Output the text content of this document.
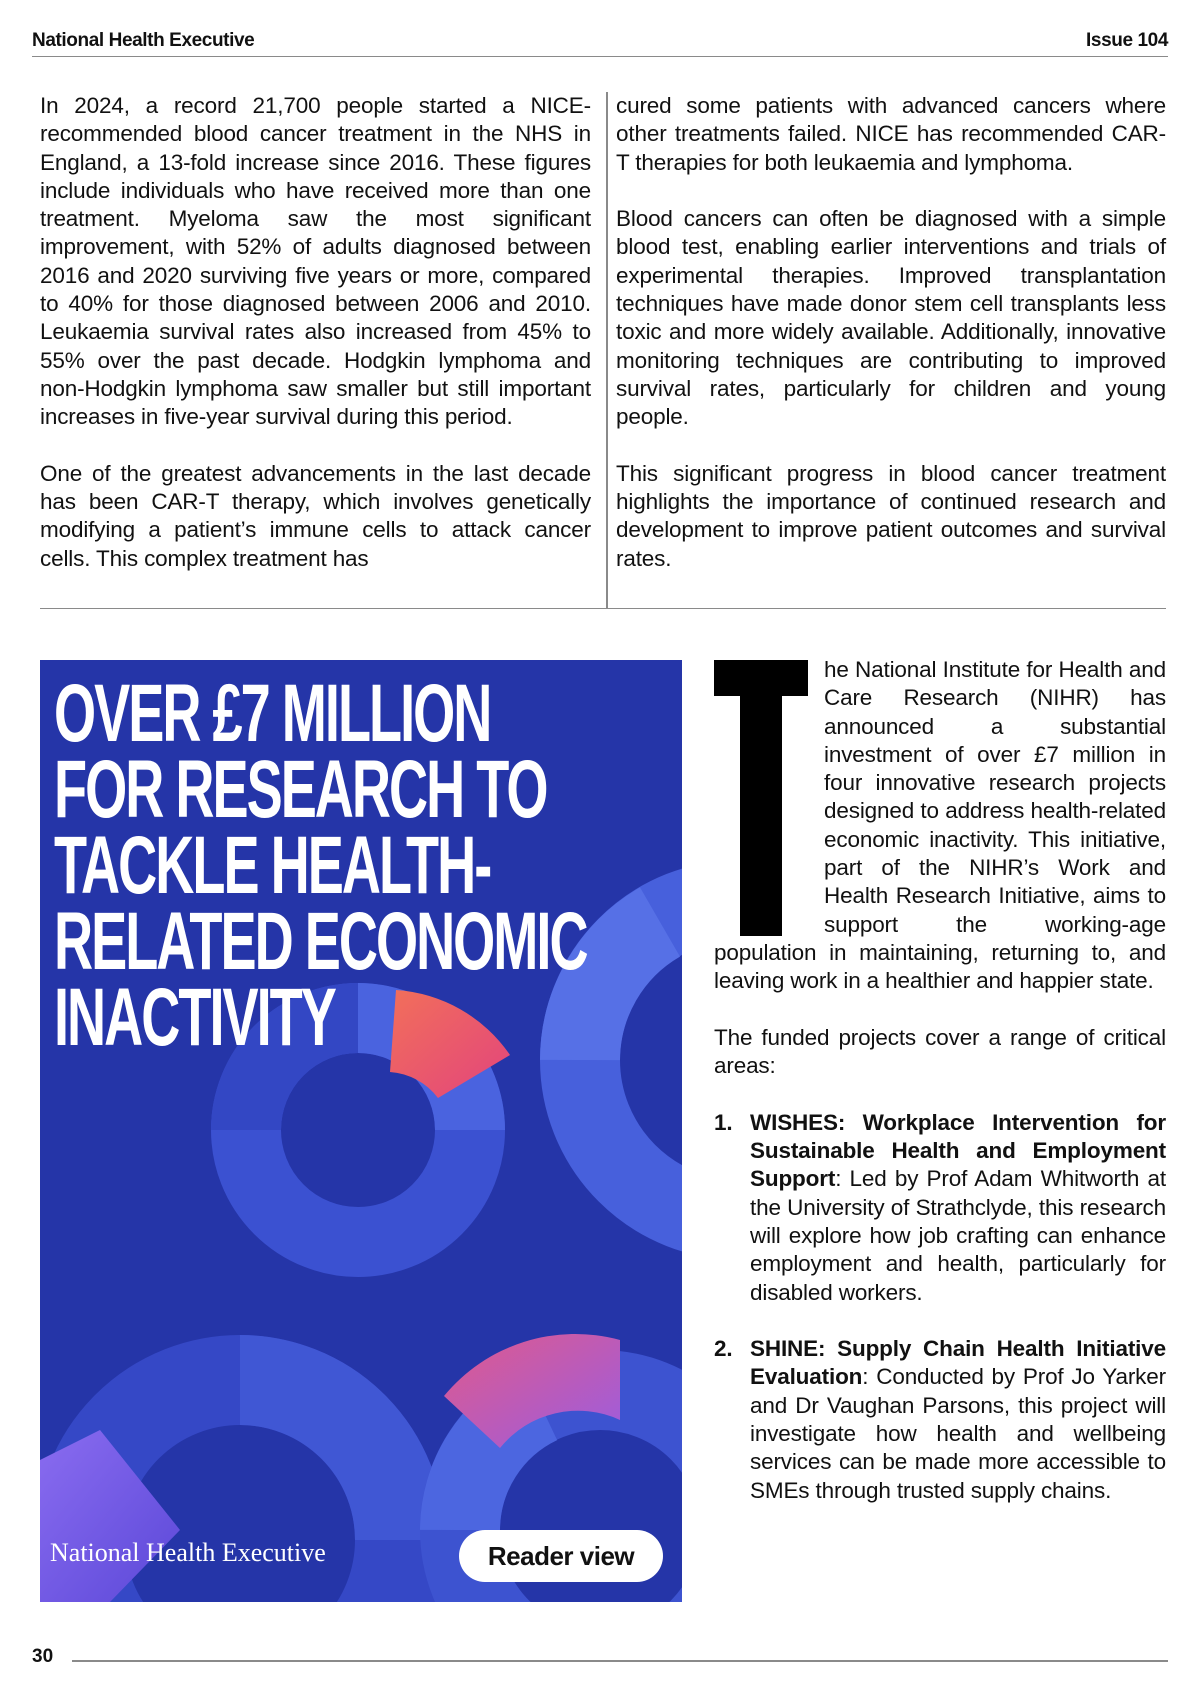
National Health Executive	Issue 104

In 2024, a record 21,700 people started a NICE-recommended blood cancer treatment in the NHS in England, a 13-fold increase since 2016. These figures include individuals who have received more than one treatment. Myeloma saw the most significant improvement, with 52% of adults diagnosed between 2016 and 2020 surviving five years or more, compared to 40% for those diagnosed between 2006 and 2010. Leukaemia survival rates also increased from 45% to 55% over the past decade. Hodgkin lymphoma and non-Hodgkin lymphoma saw smaller but still important increases in five-year survival during this period.

One of the greatest advancements in the last decade has been CAR-T therapy, which involves genetically modifying a patient’s immune cells to attack cancer cells. This complex treatment has

cured some patients with advanced cancers where other treatments failed. NICE has recommended CAR-T therapies for both leukaemia and lymphoma.

Blood cancers can often be diagnosed with a simple blood test, enabling earlier interventions and trials of experimental therapies. Improved transplantation techniques have made donor stem cell transplants less toxic and more widely available. Additionally, innovative monitoring techniques are contributing to improved survival rates, particularly for children and young people.

This significant progress in blood cancer treatment highlights the importance of continued research and development to improve patient outcomes and survival rates.

OVER £7 MILLION
FOR RESEARCH TO
TACKLE HEALTH-
RELATED ECONOMIC
INACTIVITY
National Health Executive	Reader view

he National Institute for Health and Care Research (NIHR) has announced a substantial investment of over £7 million in four innovative research projects designed to address health-related economic inactivity. This initiative, part of the NIHR’s Work and Health Research Initiative, aims to support the working-age population in maintaining, returning to, and leaving work in a healthier and happier state.

The funded projects cover a range of critical areas:

1. WISHES: Workplace Intervention for Sustainable Health and Employment Support: Led by Prof Adam Whitworth at the University of Strathclyde, this research will explore how job crafting can enhance employment and health, particularly for disabled workers.
2. SHINE: Supply Chain Health Initiative Evaluation: Conducted by Prof Jo Yarker and Dr Vaughan Parsons, this project will investigate how health and wellbeing services can be made more accessible to SMEs through trusted supply chains.
30
